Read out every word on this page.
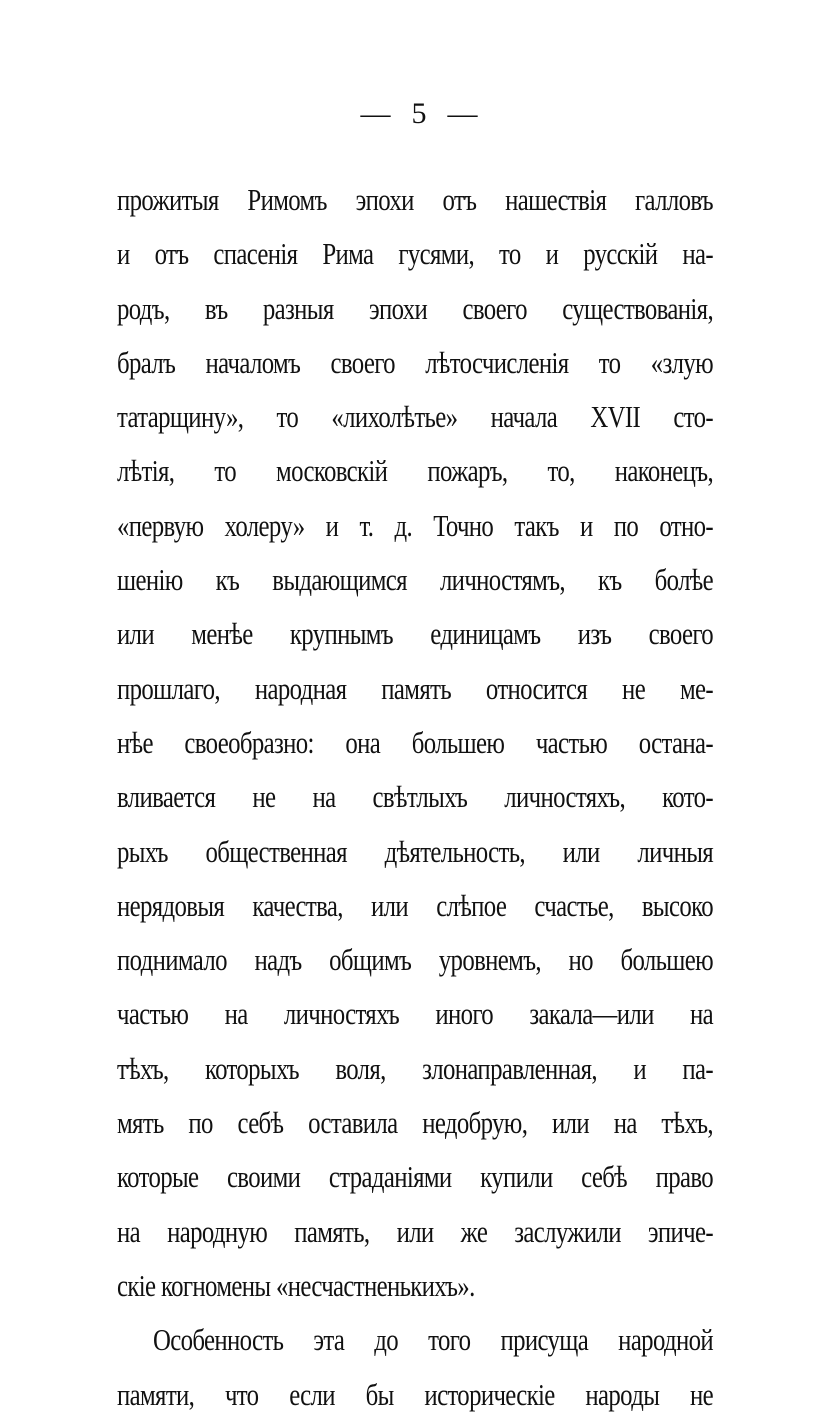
—  5  —
прожитыя Римомъ эпохи отъ нашествія галловъ
и отъ спасенія Рима гусями, то и русскій на-
родъ, въ разныя эпохи своего существованія,
бралъ началомъ своего лѣтосчисленія то «злую
татарщину», то «лихолѣтье» начала XVII сто-
лѣтія, то московскій пожаръ, то, наконецъ,
«первую холеру» и т. д. Точно такъ и по отно-
шенію къ выдающимся личностямъ, къ болѣе
или менѣе крупнымъ единицамъ изъ своего
прошлаго, народная память относится не ме-
нѣе своеобразно: она большею частью остана-
вливается не на свѣтлыхъ личностяхъ, кото-
рыхъ общественная дѣятельность, или личныя
нерядовыя качества, или слѣпое счастье, высоко
поднимало надъ общимъ уровнемъ, но большею
частью на личностяхъ иного закала—или на
тѣхъ, которыхъ воля, злонаправленная, и па-
мять по себѣ оставила недобрую, или на тѣхъ,
которые своими страданіями купили себѣ право
на народную память, или же заслужили эпиче-
скіе когномены «несчастненькихъ».
Особенность эта до того присуща народной
памяти, что если бы историческіе народы не
